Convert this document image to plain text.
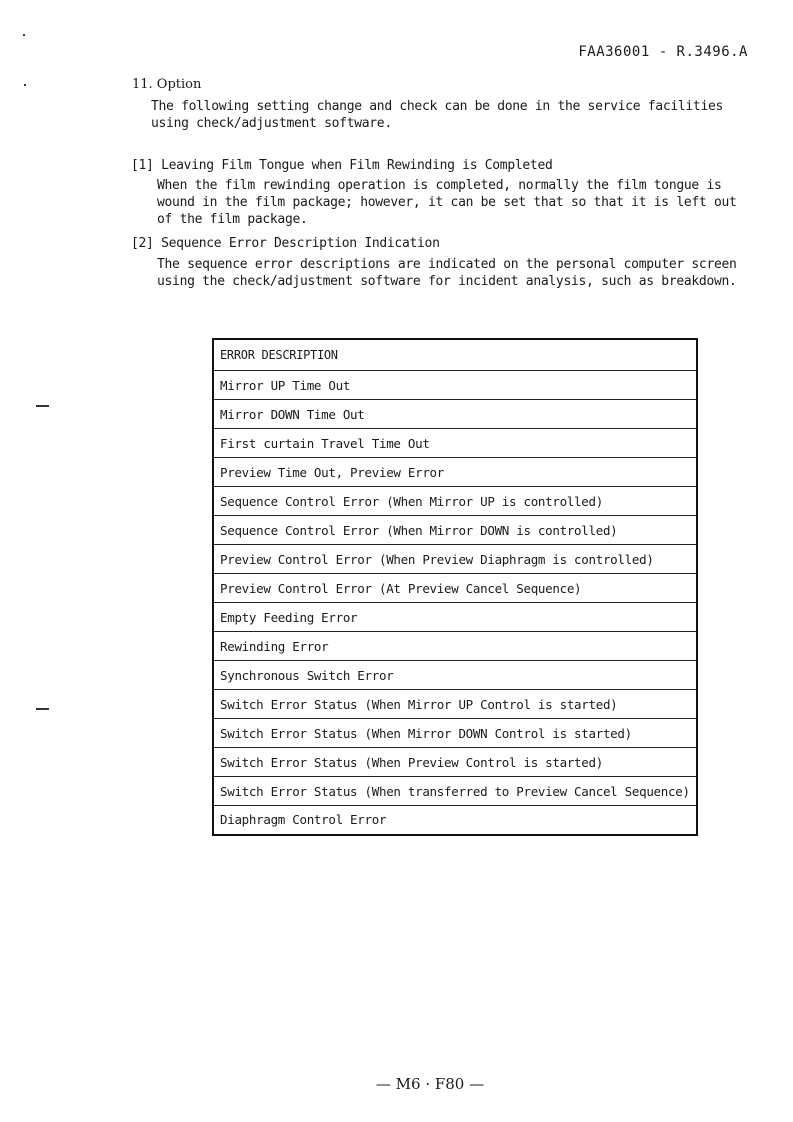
FAA36001 - R.3496.A
11. Option
The following setting change and check can be done in the service facilities using check/adjustment software.
[1] Leaving Film Tongue when Film Rewinding is Completed
When the film rewinding operation is completed, normally the film tongue is wound in the film package; however, it can be set that so that it is left out of the film package.
[2] Sequence Error Description Indication
The sequence error descriptions are indicated on the personal computer screen using the check/adjustment software for incident analysis, such as breakdown.
ERROR DESCRIPTION
Mirror UP Time Out
Mirror DOWN Time Out
First curtain Travel Time Out
Preview Time Out, Preview Error
Sequence Control Error (When Mirror UP is controlled)
Sequence Control Error (When Mirror DOWN is controlled)
Preview Control Error (When Preview Diaphragm is controlled)
Preview Control Error (At Preview Cancel Sequence)
Empty Feeding Error
Rewinding Error
Synchronous Switch Error
Switch Error Status (When Mirror UP Control is started)
Switch Error Status (When Mirror DOWN Control is started)
Switch Error Status (When Preview Control is started)
Switch Error Status (When transferred to Preview Cancel Sequence)
Diaphragm Control Error
— M6 · F80 —
